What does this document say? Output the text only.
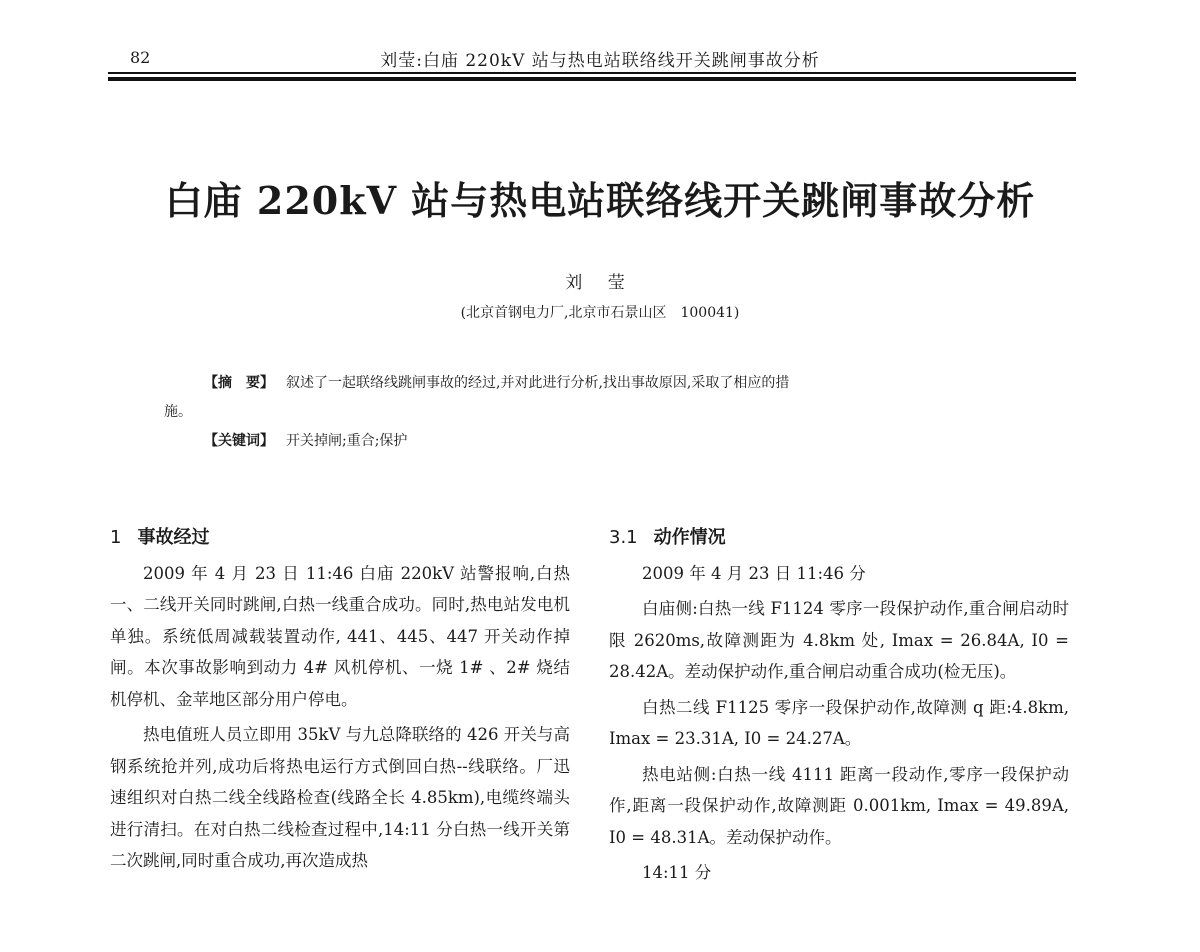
82	刘莹:白庙 220kV 站与热电站联络线开关跳闸事故分析
白庙 220kV 站与热电站联络线开关跳闸事故分析
刘 莹
(北京首钢电力厂,北京市石景山区　100041)
【摘　要】 叙述了一起联络线跳闸事故的经过,并对此进行分析,找出事故原因,采取了相应的措
施。
【关键词】 开关掉闸;重合;保护
1 事故经过

2009 年 4 月 23 日 11:46 白庙 220kV 站警报响,白热一、二线开关同时跳闸,白热一线重合成功。同时,热电站发电机单独。系统低周减载装置动作, 441、445、447 开关动作掉闸。本次事故影响到动力 4# 风机停机、一烧 1# 、2# 烧结机停机、金苹地区部分用户停电。

热电值班人员立即用 35kV 与九总降联络的 426 开关与高钢系统抢并列,成功后将热电运行方式倒回白热--线联络。厂迅速组织对白热二线全线路检查(线路全长 4.85km),电缆终端头进行清扫。在对白热二线检查过程中,14:11 分白热一线开关第二次跳闸,同时重合成功,再次造成热

3.1 动作情况

2009 年 4 月 23 日 11:46 分

白庙侧:白热一线 F1124 零序一段保护动作,重合闸启动时限 2620ms,故障测距为 4.8km 处, Imax = 26.84A, I0 = 28.42A。差动保护动作,重合闸启动重合成功(检无压)。

白热二线 F1125 零序一段保护动作,故障测 q 距:4.8km, Imax = 23.31A, I0 = 24.27A。

热电站侧:白热一线 4111 距离一段动作,零序一段保护动作,距离一段保护动作,故障测距 0.001km, Imax = 49.89A, I0 = 48.31A。差动保护动作。

14:11 分
